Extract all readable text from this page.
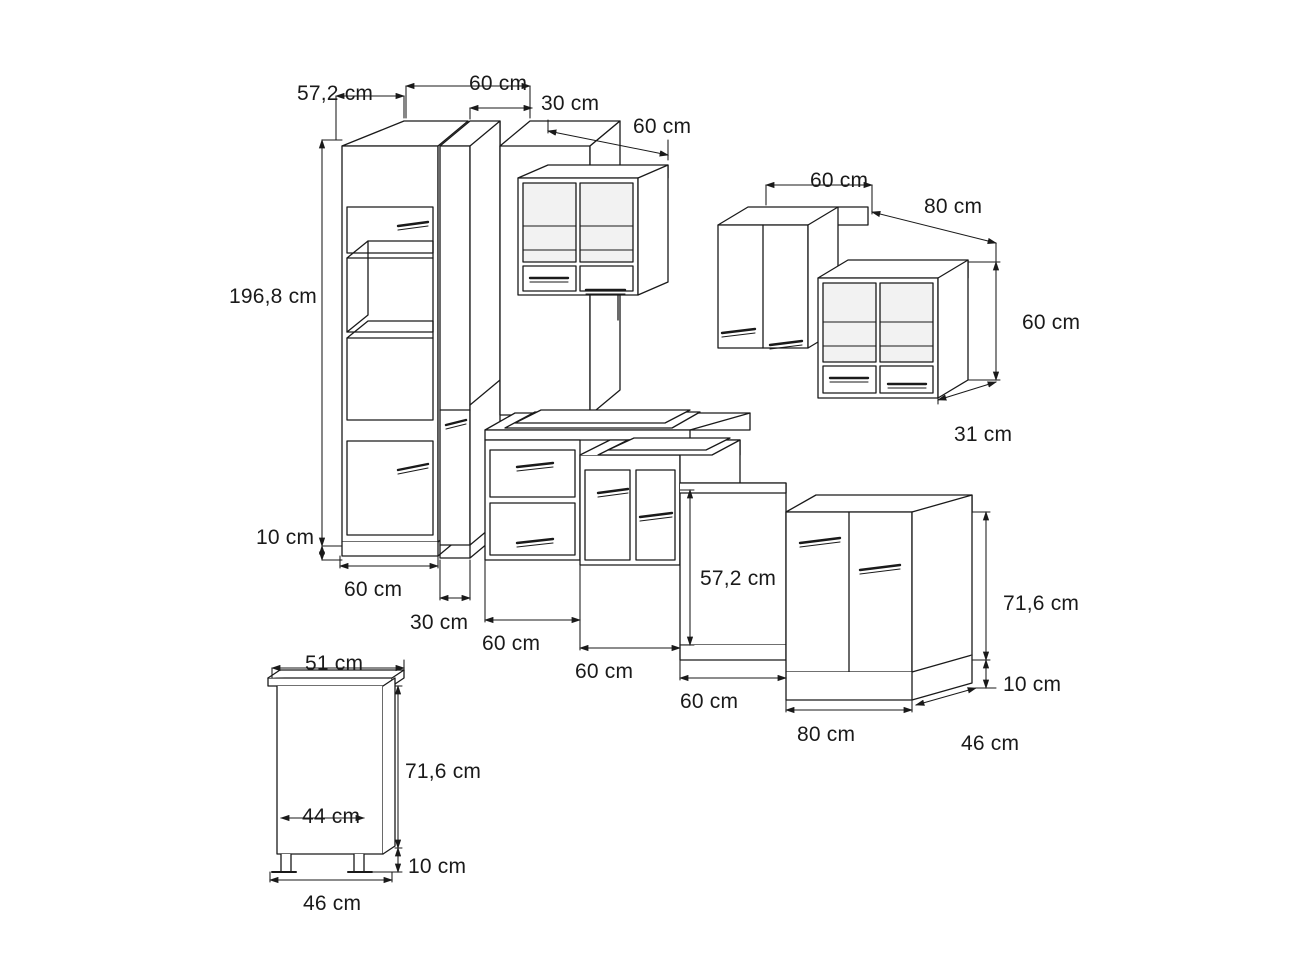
57,2 cm	60 cm
30 cm
60 cm
196,8 cm
10 cm
60 cm
80 cm
60 cm
31 cm
60 cm
30 cm
60 cm
57,2 cm
60 cm
60 cm
80 cm	46 cm
71,6 cm
10 cm
51 cm
71,6 cm
44 cm
10 cm
46 cm
